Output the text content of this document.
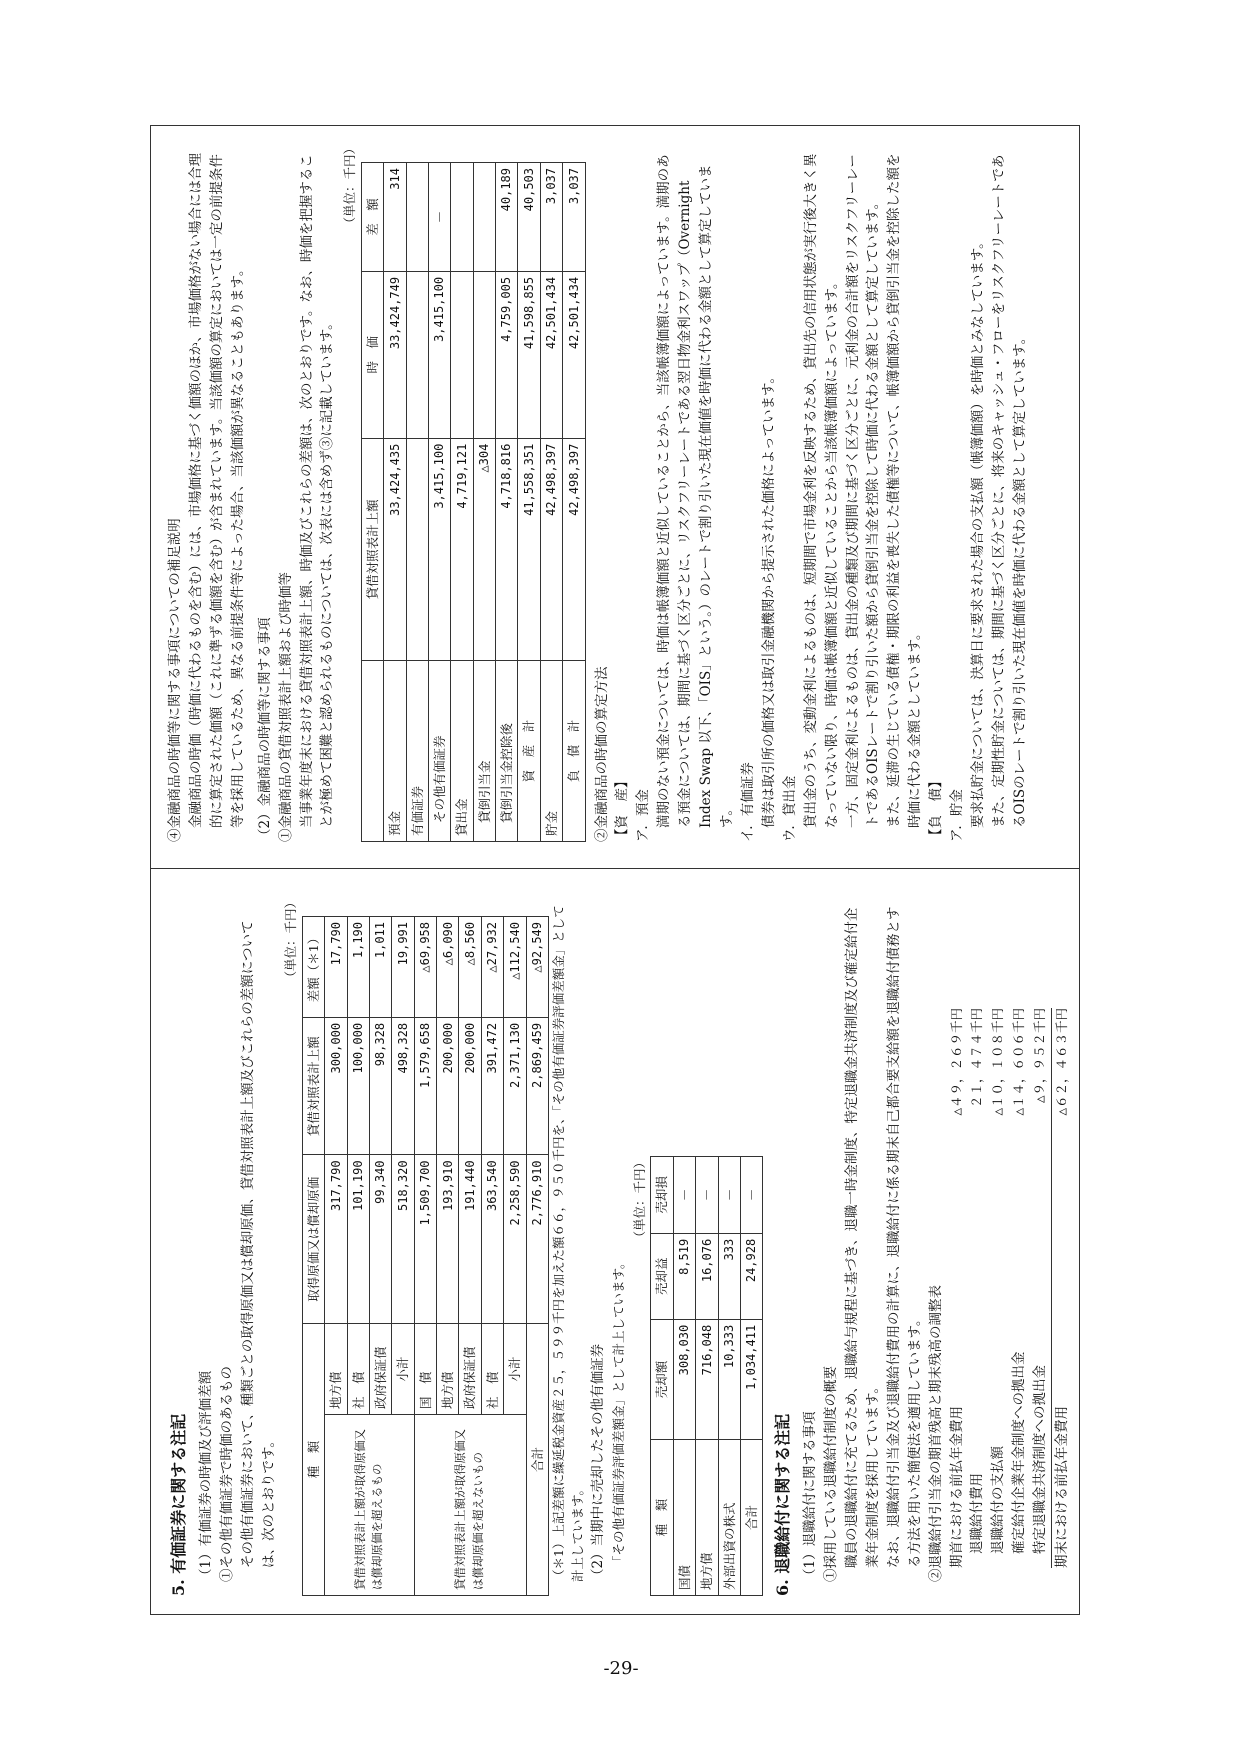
5. 有価証券に関する注記 （1）有価証券の時価及び評価差額 ①その他有価証券で時価のあるもの その他有価証券において、種類ごとの取得原価又は償却原価、貸借対照表計上額及びこれらの差額については、次のとおりです。

（単位：千円）
種　類		取得原価又は償却原価	貸借対照表計上額	差額（＊1）
貸借対照表計上額が取得原価又は償却原価を超えるもの	地方債	317,790	300,000	17,790
	社　債	101,190	100,000	1,190
	政府保証債	99,340	98,328	1,011
	小計	518,320	498,328	19,991
貸借対照表計上額が取得原価又は償却原価を超えないもの	国　債	1,509,700	1,579,658	△69,958
	地方債	193,910	200,000	△6,090
	政府保証債	191,440	200,000	△8,560
	社　債	363,540	391,472	△27,932
	小計	2,258,590	2,371,130	△112,540
合計		2,776,910	2,869,459	△92,549 （＊1）上記差額に繰延税金資産２５，５９９千円を加えた額６６，９５０千円を、「その他有価証券評価差額金」として計上しています。 （2）当期中に売却したその他有価証券 「その他有価証券評価差額金」として計上しています。

（単位：千円）
種　類	売却額	売却益	売却損
国債	308,030	8,519	－
地方債	716,048	16,076	－
外部出資の株式	10,333	333	－
合計	1,034,411	24,928	－
6. 退職給付に関する注記 （1）退職給付に関する事項 ①採用している退職給付制度の概要 職員の退職給付に充てるため、退職給与規程に基づき、退職一時金制度、特定退職金共済制度及び確定給付企業年金制度を採用しています。 なお、退職給付引当金及び退職給付費用の計算に、退職給付に係る期末自己都合要支給額を退職給付債務とする方法を用いた簡便法を適用しています。 ②退職給付引当金の期首残高と期末残高の調整表 期首における前払年金費用
△４９，２６９千円
退職給付費用
２１，４７４千円
退職給付の支払額
△１０，１０８千円
確定給付企業年金制度への拠出金
△１４，６０６千円
特定退職金共済制度への拠出金
△９，９５２千円
期末における前払年金費用
△６２，４６３千円

④金融商品の時価等に関する事項についての補足説明 金融商品の時価（時価に代わるものを含む）には、市場価格に基づく価額のほか、市場価格がない場合には合理的に算定された価額（これに準ずる価額を含む）が含まれています。当該価額の算定においては一定の前提条件等を採用しているため、異なる前提条件等によった場合、当該価額が異なることもあります。 （2）金融商品の時価等に関する事項 ①金融商品の貸借対照表計上額および時価等 当事業年度末における貸借対照表計上額、時価及びこれらの差額は、次のとおりです。なお、時価を把握することが極めて困難と認められるものについては、次表には含めず③に記載しています。

（単位：千円）
	貸借対照表計上額	時　価	差　額
預金	33,424,435	33,424,749	314
有価証券			
その他有価証券	3,415,100	3,415,100	－
貸出金	4,719,121		
貸倒引当金	△304		
貸倒引当金控除後	4,718,816	4,759,005	40,189
資　産　計	41,558,351	41,598,855	40,503
貯金	42,498,397	42,501,434	3,037
負　債　計	42,498,397	42,501,434	3,037

②金融商品の時価の算定方法 【資　産】 ア．預金 満期のない預金については、時価は帳簿価額と近似していることから、当該帳簿価額によっています。満期のある預金については、期間に基づく区分ごとに、リスクフリーレートである翌日物金利スワップ（Overnight Index Swap 以下、「OIS」という。）のレートで割り引いた現在価値を時価に代わる金額として算定しています。 イ．有価証券 債券は取引所の価格又は取引金融機関から提示された価格によっています。 ウ．貸出金 貸出金のうち、変動金利によるものは、短期間で市場金利を反映するため、貸出先の信用状態が実行後大きく異なっていない限り、時価は帳簿価額と近似していることから当該帳簿価額によっています。 一方、固定金利によるものは、貸出金の種類及び期間に基づく区分ごとに、元利金の合計額をリスクフリーレートであるOISレートで割り引いた額から貸倒引当金を控除して時価に代わる金額として算定しています。 また、延滞の生じている債権・期限の利益を喪失した債権等について、帳簿価額から貸倒引当金を控除した額を時価に代わる金額としています。 【負　債】 ア．貯金 要求払貯金については、決算日に要求された場合の支払額（帳簿価額）を時価とみなしています。 また、定期性貯金については、期間に基づく区分ごとに、将来のキャッシュ・フローをリスクフリーレートであるOISのレートで割り引いた現在価値を時価に代わる金額として算定しています。

-29-
